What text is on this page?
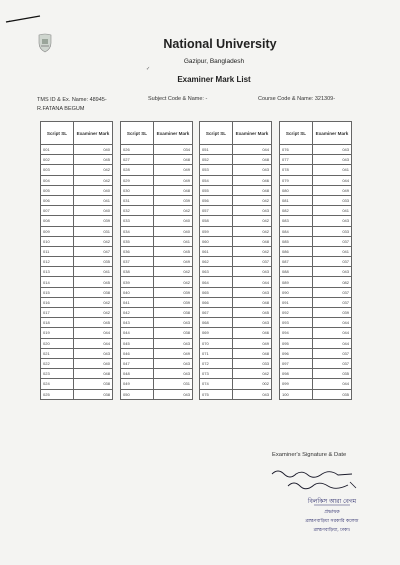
National University
Gazipur, Bangladesh
✓
Examiner Mark List
TMS ID & Ex. Name: 48945- R.FATANA BEGUM
Subject Code & Name: -	Course Code & Name: 321309-
Script SL	Examiner Mark
001	040
002	045
003	042
004	042
005	040
006	041
007	040
008	039
009	031
010	042
011	047
012	035
013	041
014	045
015	038
016	042
017	042
018	045
019	044
020	044
021	043
022	040
023	048
024	038
025	038
Script SL	Examiner Mark
026	034
027	048
028	049
029	049
030	048
031	039
032	042
033	040
034	040
035	041
036	045
037	049
038	042
039	042
040	039
041	039
042	038
043	043
044	038
045	043
046	049
047	043
048	043
049	031
050	043
Script SL	Examiner Mark
051	044
052	048
053	043
054	046
055	048
056	042
057	043
058	042
059	042
060	048
061	042
062	037
063	043
064	044
065	043
066	048
067	045
068	043
069	046
070	049
071	048
072	033
073	042
074	002
075	043
Script SL	Examiner Mark
076	043
077	043
078	041
079	044
080	049
081	033
082	041
083	043
084	033
085	037
086	041
087	037
088	043
089	082
090	037
091	037
092	039
093	044
094	044
095	044
096	037
097	037
098	035
099	044
100	035
Examiner's Signature & Date
বিলকিস আরা বেগম
প্রভাষক
ব্রাহ্মণবাড়িয়া সরকারি কলেজ
ব্রাহ্মণবাড়িয়া, ঢাকা।
